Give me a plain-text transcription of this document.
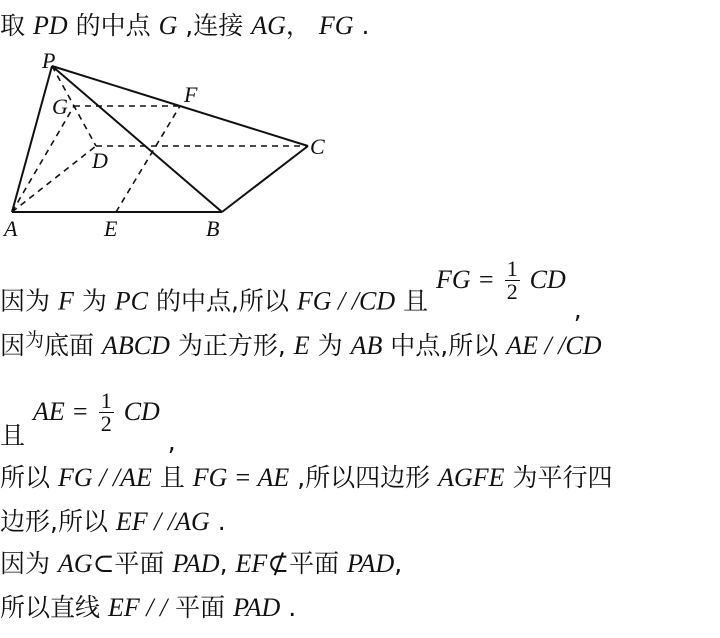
取 PD 的中点 G ,连接 AG， FG .
P
G	F
C
D
A	E	B
因为 F 为 PC 的中点,所以 FG / /CD 且 FG = $\frac{1}{2}$ CD ,
因$^为$底面 ABCD 为正方形, E 为 AB 中点,所以 AE / /CD
且 AE = $\frac{1}{2}$ CD ,
所以 FG / /AE 且 FG = AE ,所以四边形 AGFE 为平行四
边形,所以 EF / /AG .
因为 AG⊂平面 PAD, EF⊄平面 PAD,
所以直线 EF / / 平面 PAD .
